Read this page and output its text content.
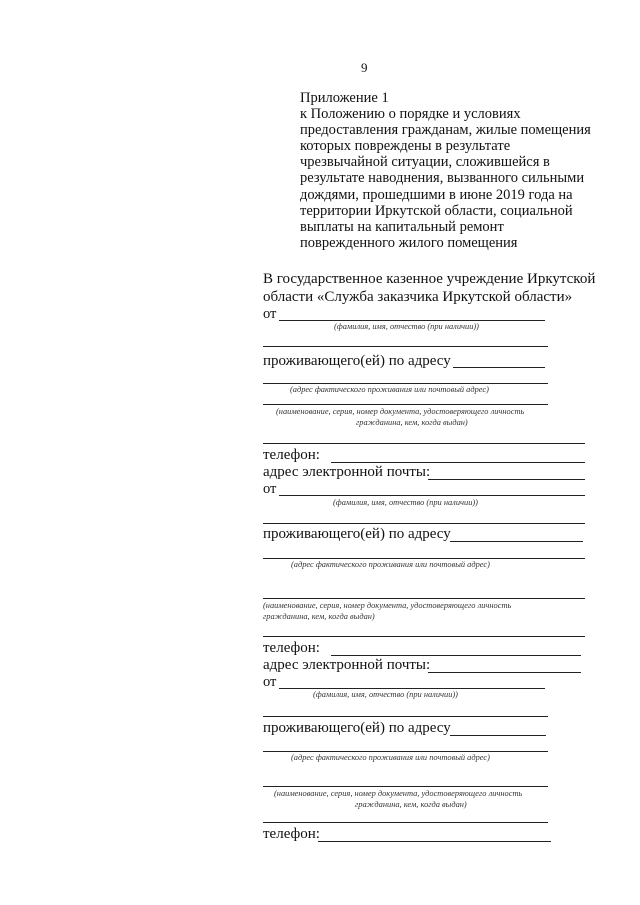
9
Приложение 1
к Положению о порядке и условиях
предоставления гражданам, жилые помещения
которых повреждены в результате
чрезвычайной ситуации, сложившейся в
результате наводнения, вызванного сильными
дождями, прошедшими в июне 2019 года на
территории Иркутской области, социальной
выплаты на капитальный ремонт
поврежденного жилого помещения
В государственное казенное учреждение Иркутской
области «Служба заказчика Иркутской области»
от
(фамилия, имя, отчество (при наличии))
проживающего(ей) по адресу
(адрес фактического проживания или почтовый адрес)
(наименование, серия, номер документа, удостоверяющего личность
гражданина, кем, когда выдан)
телефон:
адрес электронной почты:
от
(фамилия, имя, отчество (при наличии))
проживающего(ей) по адресу
(адрес фактического проживания или почтовый адрес)
(наименование, серия, номер документа, удостоверяющего личность
гражданина, кем, когда выдан)
телефон:
адрес электронной почты:
от
(фамилия, имя, отчество (при наличии))
проживающего(ей) по адресу
(адрес фактического проживания или почтовый адрес)
(наименование, серия, номер документа, удостоверяющего личность
гражданина, кем, когда выдан)
телефон:
